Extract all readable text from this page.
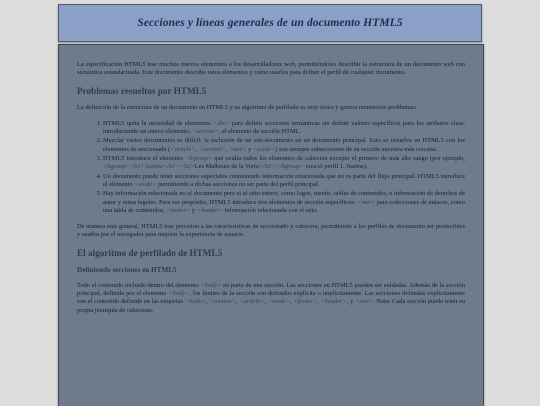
Secciones y líneas generales de un documento HTML5

La especificación HTML5 trae muchos nuevos elementos a los desarrolladores web, permitiéndoles describir la estructura de un documento web con semántica estandarizada. Este documento describe estos elementos y cómo usarlos para definir el perfil de cualquier documento.

Problemas resueltos por HTML5

La definición de la estructura de un documento en HTML5 y su algoritmo de perfilado es muy tosco y genera numerosos problemas:

1. HTML5 quita la necesidad de elementos <div> para definir secciones semánticas sin definir valores específicos para los atributos class, introduciendo un nuevo elemento, <section>, el elemento de sección HTML.
2. Mezclar varios documentos es difícil: la inclusión de un sub-documento en un documento principal. Esto se resuelve en HTML5 con los elementos de seccionado (<article>, <section>, <nav> y <aside>) son siempre subsecciones de su sección ancestra más cercana.
3. HTML5 introduce el elemento <hgroup> que oculta todos los elementos de cabecera excepto el primero de más alto rango (por ejemplo, <hgroup><h1>Justine</h1><h2>Les Malheurs de la Vertu</h2></hgroup> crea el perfil 1. Justine).
4. Un documento puede tener secciones especiales conteniendo información relacionada que no es parte del flujo principal. HTML5 introduce el elemento <aside> permitiendo a dichas secciones no ser parte del perfil principal.
5. Hay información relacionada no al documento pero si al sitio entero, como logos, menús, tablas de contenidos, o información de derechos de autor y notas legales. Para ese propósito, HTML5 introduce tres elementos de sección específicos: <nav> para colecciones de enlaces, como una tabla de contenidos, <footer> y <header> información relacionada con el sitio.

De manera más general, HTML5 trae precisión a las características de seccionado y cabecera, permitiendo a los perfiles de documento ser predecibles y usados por el navegador para mejorar la experiencia de usuario.

El algoritmo de perfilado de HTML5
Definiendo secciones en HTML5

Todo el contenido incluido dentro del elemento <body> en parte de una sección. Las secciones en HTML5 pueden ser anidadas. Además de la sección principal, definida por el elemento <body>, los límites de la sección son definidos explícita o implícitamente. Las secciones definidas explícitamente son el contenido definido en las etiquetas <body>, <section>, <article>, <aside>, <footer>, <header>, y <nav>. Nota: Cada sección puede tener su propia jerarquía de cabeceras.
